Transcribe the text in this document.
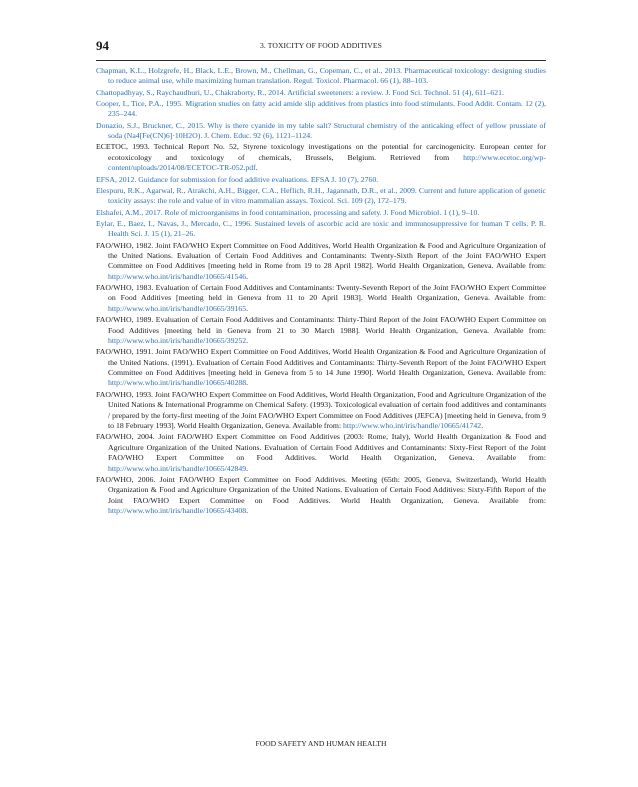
94	3. TOXICITY OF FOOD ADDITIVES

Chapman, K.L., Holzgrefe, H., Black, L.E., Brown, M., Chellman, G., Copeman, C., et al., 2013. Pharmaceutical toxicology: designing studies to reduce animal use, while maximizing human translation. Regul. Toxicol. Pharmacol. 66 (1), 88–103.

Chattopadhyay, S., Raychaudhuri, U., Chakraborty, R., 2014. Artificial sweeteners: a review. J. Food Sci. Technol. 51 (4), 611–621.

Cooper, I., Tice, P.A., 1995. Migration studies on fatty acid amide slip additives from plastics into food stimulants. Food Addit. Contam. 12 (2), 235–244.

Donazio, S.J., Bruckner, C., 2015. Why is there cyanide in my table salt? Structural chemistry of the anticaking effect of yellow prussiate of soda (Na4[Fe(CN)6]·10H2O). J. Chem. Educ. 92 (6), 1121–1124.

ECETOC, 1993. Technical Report No. 52, Styrene toxicology investigations on the potential for carcinogenicity. European center for ecotoxicology and toxicology of chemicals, Brussels, Belgium. Retrieved from http://www.ecetoc.org/wp-content/uploads/2014/08/ECETOC-TR-052.pdf.

EFSA, 2012. Guidance for submission for food additive evaluations. EFSA J. 10 (7), 2760.

Elespuru, R.K., Agarwal, R., Atrakchi, A.H., Bigger, C.A., Heflich, R.H., Jagannath, D.R., et al., 2009. Current and future application of genetic toxicity assays: the role and value of in vitro mammalian assays. Toxicol. Sci. 109 (2), 172–179.

Elshafei, A.M., 2017. Role of microorganisms in food contamination, processing and safety. J. Food Microbiol. 1 (1), 9–10.

Eylar, E., Baez, I., Navas, J., Mercado, C., 1996. Sustained levels of ascorbic acid are toxic and immunosuppressive for human T cells. P. R. Health Sci. J. 15 (1), 21–26.

FAO/WHO, 1982. Joint FAO/WHO Expert Committee on Food Additives, World Health Organization & Food and Agriculture Organization of the United Nations. Evaluation of Certain Food Additives and Contaminants: Twenty-Sixth Report of the Joint FAO/WHO Expert Committee on Food Additives [meeting held in Rome from 19 to 28 April 1982]. World Health Organization, Geneva. Available from: http://www.who.int/iris/handle/10665/41546.

FAO/WHO, 1983. Evaluation of Certain Food Additives and Contaminants: Twenty-Seventh Report of the Joint FAO/WHO Expert Committee on Food Additives [meeting held in Geneva from 11 to 20 April 1983]. World Health Organization, Geneva. Available from: http://www.who.int/iris/handle/10665/39165.

FAO/WHO, 1989. Evaluation of Certain Food Additives and Contaminants: Thirty-Third Report of the Joint FAO/WHO Expert Committee on Food Additives [meeting held in Geneva from 21 to 30 March 1988]. World Health Organization, Geneva. Available from: http://www.who.int/iris/handle/10665/39252.

FAO/WHO, 1991. Joint FAO/WHO Expert Committee on Food Additives, World Health Organization & Food and Agriculture Organization of the United Nations. (1991). Evaluation of Certain Food Additives and Contaminants: Thirty-Seventh Report of the Joint FAO/WHO Expert Committee on Food Additives [meeting held in Geneva from 5 to 14 June 1990]. World Health Organization, Geneva. Available from: http://www.who.int/iris/handle/10665/40288.

FAO/WHO, 1993. Joint FAO/WHO Expert Committee on Food Additives, World Health Organization, Food and Agriculture Organization of the United Nations & International Programme on Chemical Safety. (1993). Toxicological evaluation of certain food additives and contaminants / prepared by the forty-first meeting of the Joint FAO/WHO Expert Committee on Food Additives (JEFCA) [meeting held in Geneva, from 9 to 18 February 1993]. World Health Organization, Geneva. Available from: http://www.who.int/iris/handle/10665/41742.

FAO/WHO, 2004. Joint FAO/WHO Expert Committee on Food Additives (2003: Rome, Italy), World Health Organization & Food and Agriculture Organization of the United Nations. Evaluation of Certain Food Additives and Contaminants: Sixty-First Report of the Joint FAO/WHO Expert Committee on Food Additives. World Health Organization, Geneva. Available from: http://www.who.int/iris/handle/10665/42849.

FAO/WHO, 2006. Joint FAO/WHO Expert Committee on Food Additives. Meeting (65th: 2005, Geneva, Switzerland), World Health Organization & Food and Agriculture Organization of the United Nations. Evaluation of Certain Food Additives: Sixty-Fifth Report of the Joint FAO/WHO Expert Committee on Food Additives. World Health Organization, Geneva. Available from: http://www.who.int/iris/handle/10665/43408.

FOOD SAFETY AND HUMAN HEALTH
